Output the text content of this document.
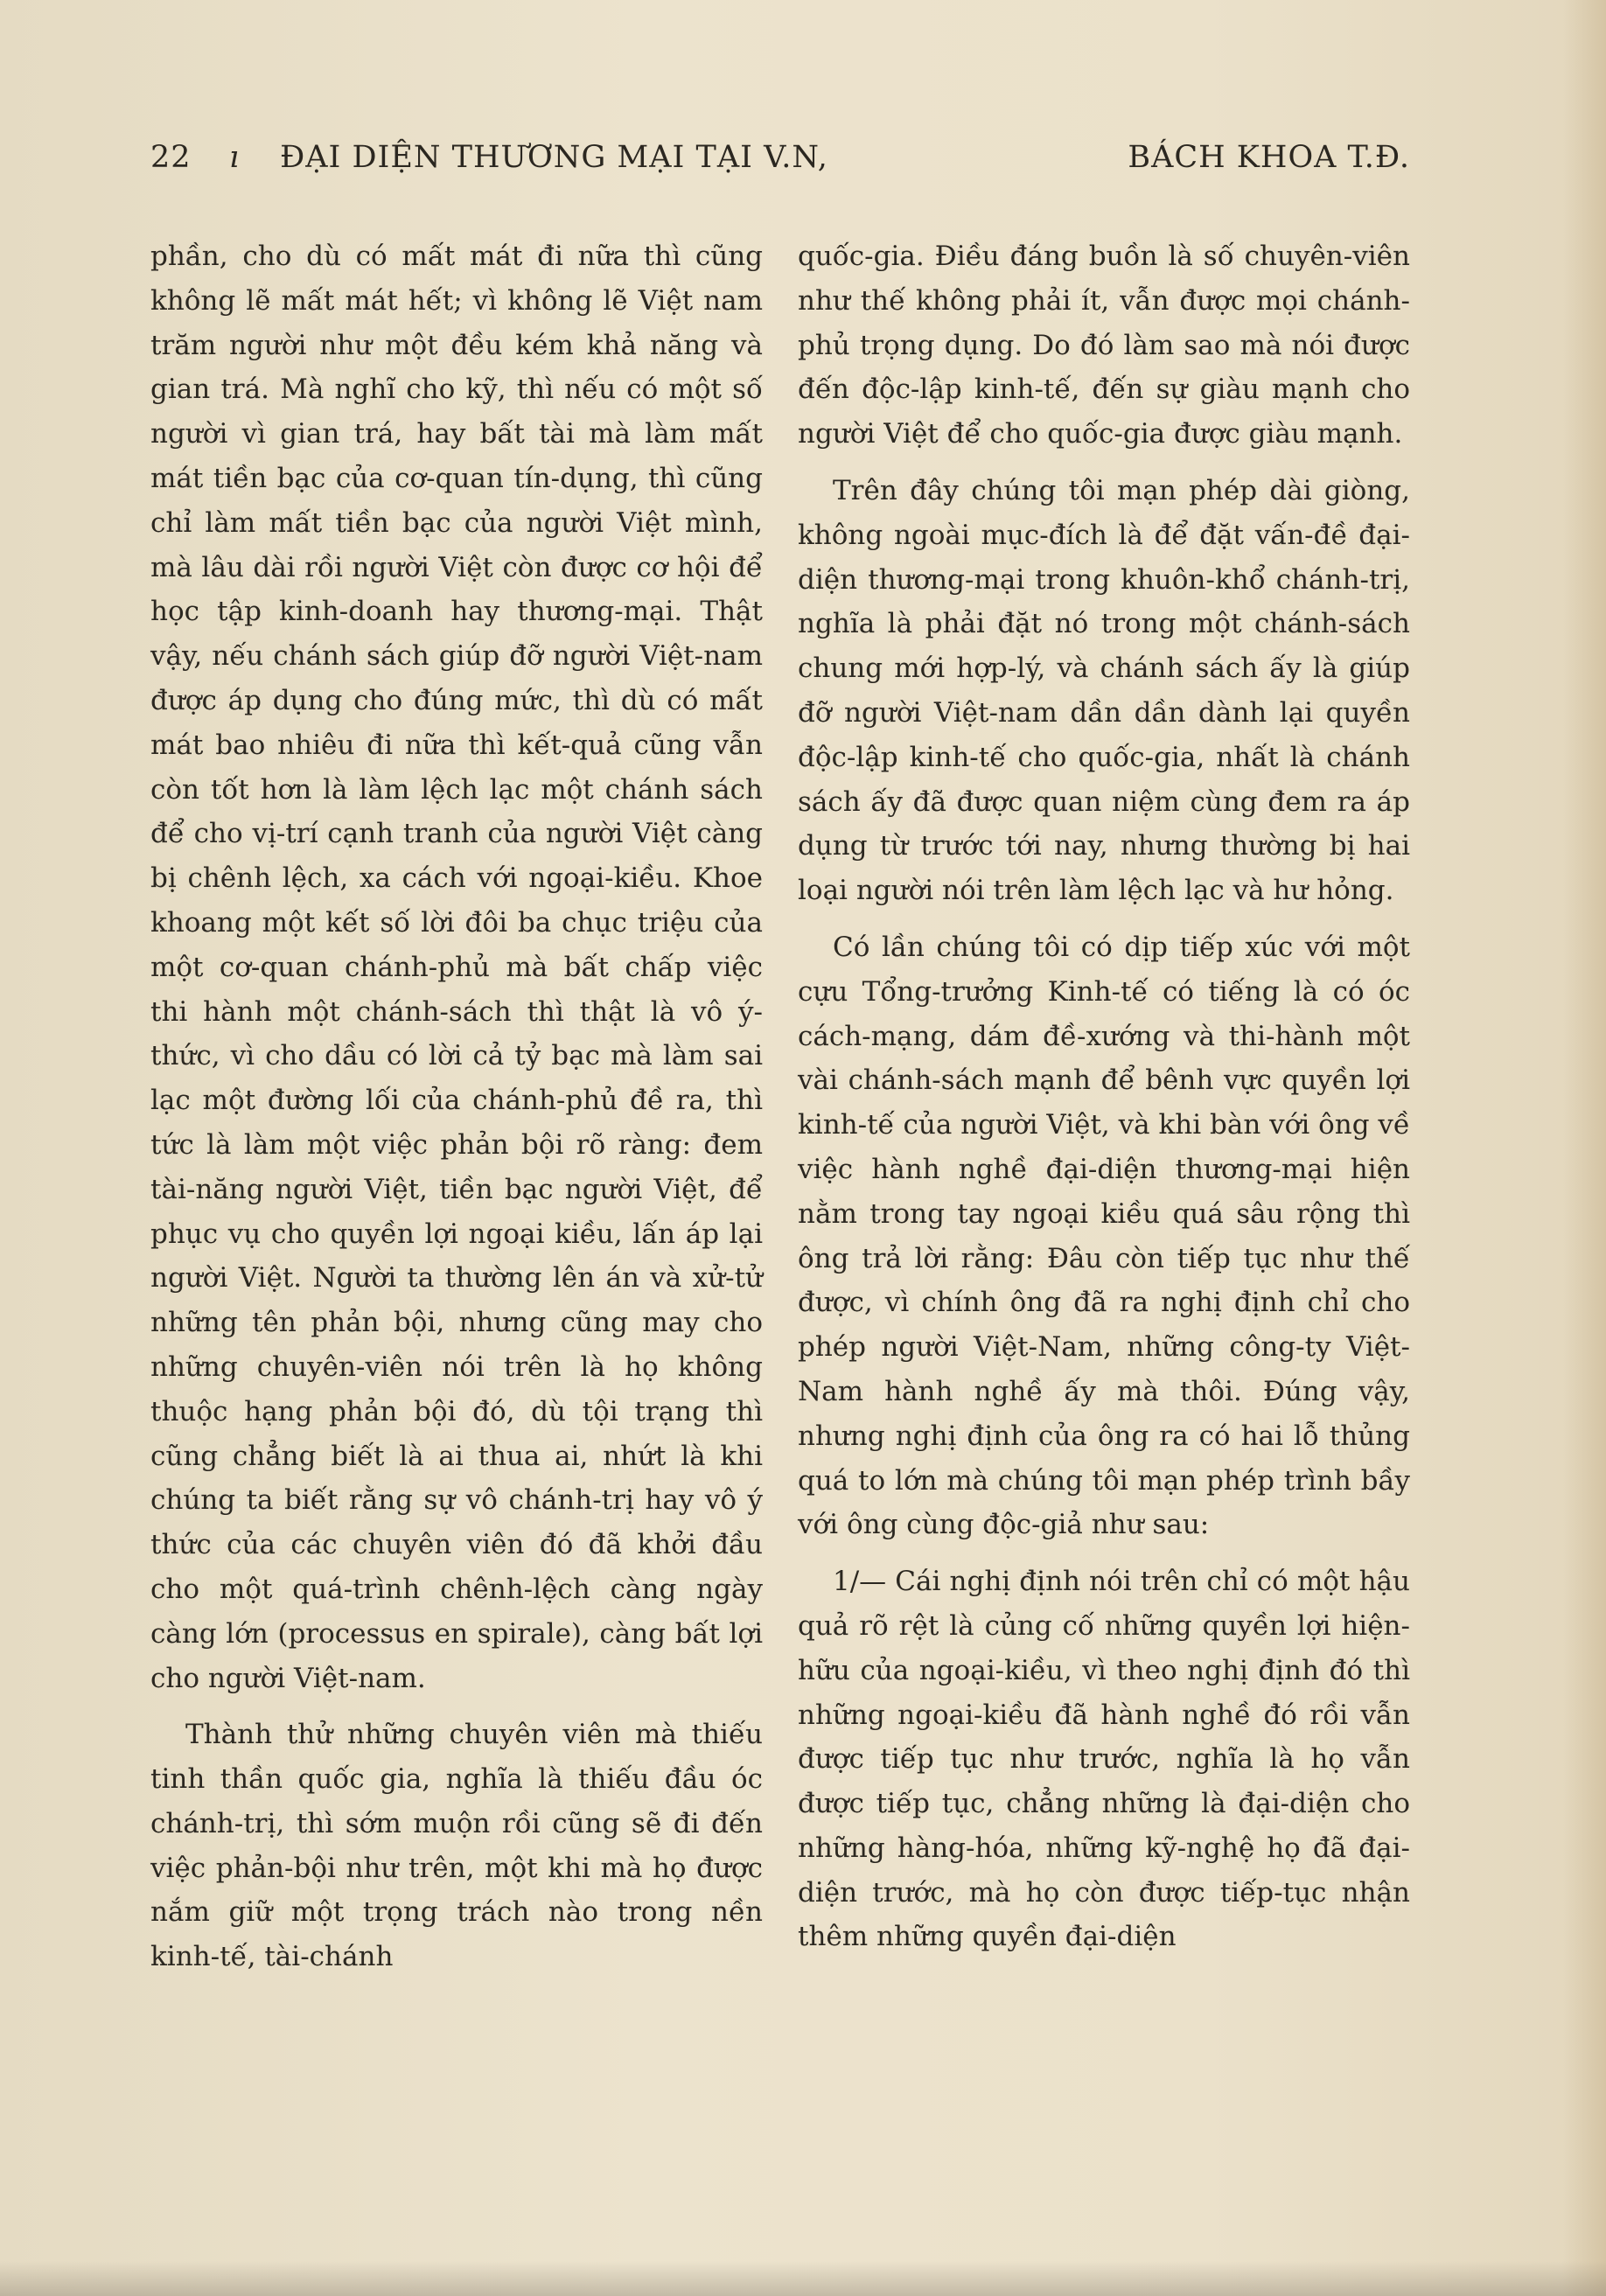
22 ı ĐẠI DIỆN THƯƠNG MẠI TẠI V.N,	BÁCH KHOA T.Đ.

phần, cho dù có mất mát đi nữa thì cũng không lẽ mất mát hết; vì không lẽ Việt nam trăm người như một đều kém khả năng và gian trá. Mà nghĩ cho kỹ, thì nếu có một số người vì gian trá, hay bất tài mà làm mất mát tiền bạc của cơ-quan tín-dụng, thì cũng chỉ làm mất tiền bạc của người Việt mình, mà lâu dài rồi người Việt còn được cơ hội để học tập kinh-doanh hay thương-mại. Thật vậy, nếu chánh sách giúp đỡ người Việt-nam được áp dụng cho đúng mức, thì dù có mất mát bao nhiêu đi nữa thì kết-quả cũng vẫn còn tốt hơn là làm lệch lạc một chánh sách để cho vị-trí cạnh tranh của người Việt càng bị chênh lệch, xa cách với ngoại-kiều. Khoe khoang một kết số lời đôi ba chục triệu của một cơ-quan chánh-phủ mà bất chấp việc thi hành một chánh-sách thì thật là vô ý-thức, vì cho dầu có lời cả tỷ bạc mà làm sai lạc một đường lối của chánh-phủ đề ra, thì tức là làm một việc phản bội rõ ràng: đem tài-năng người Việt, tiền bạc người Việt, để phục vụ cho quyền lợi ngoại kiều, lấn áp lại người Việt. Người ta thường lên án và xử-tử những tên phản bội, nhưng cũng may cho những chuyên-viên nói trên là họ không thuộc hạng phản bội đó, dù tội trạng thì cũng chẳng biết là ai thua ai, nhứt là khi chúng ta biết rằng sự vô chánh-trị hay vô ý thức của các chuyên viên đó đã khởi đầu cho một quá-trình chênh-lệch càng ngày càng lớn (processus en spirale), càng bất lợi cho người Việt-nam.

Thành thử những chuyên viên mà thiếu tinh thần quốc gia, nghĩa là thiếu đầu óc chánh-trị, thì sớm muộn rồi cũng sẽ đi đến việc phản-bội như trên, một khi mà họ được nắm giữ một trọng trách nào trong nền kinh-tế, tài-chánh

quốc-gia. Điều đáng buồn là số chuyên-viên như thế không phải ít, vẫn được mọi chánh-phủ trọng dụng. Do đó làm sao mà nói được đến độc-lập kinh-tế, đến sự giàu mạnh cho người Việt để cho quốc-gia được giàu mạnh.

Trên đây chúng tôi mạn phép dài giòng, không ngoài mục-đích là để đặt vấn-đề đại-diện thương-mại trong khuôn-khổ chánh-trị, nghĩa là phải đặt nó trong một chánh-sách chung mới hợp-lý, và chánh sách ấy là giúp đỡ người Việt-nam dần dần dành lại quyền độc-lập kinh-tế cho quốc-gia, nhất là chánh sách ấy đã được quan niệm cùng đem ra áp dụng từ trước tới nay, nhưng thường bị hai loại người nói trên làm lệch lạc và hư hỏng.

Có lần chúng tôi có dịp tiếp xúc với một cựu Tổng-trưởng Kinh-tế có tiếng là có óc cách-mạng, dám đề-xướng và thi-hành một vài chánh-sách mạnh để bênh vực quyền lợi kinh-tế của người Việt, và khi bàn với ông về việc hành nghề đại-diện thương-mại hiện nằm trong tay ngoại kiều quá sâu rộng thì ông trả lời rằng: Đâu còn tiếp tục như thế được, vì chính ông đã ra nghị định chỉ cho phép người Việt-Nam, những công-ty Việt-Nam hành nghề ấy mà thôi. Đúng vậy, nhưng nghị định của ông ra có hai lỗ thủng quá to lớn mà chúng tôi mạn phép trình bầy với ông cùng độc-giả như sau:

1/— Cái nghị định nói trên chỉ có một hậu quả rõ rệt là củng cố những quyền lợi hiện-hữu của ngoại-kiều, vì theo nghị định đó thì những ngoại-kiều đã hành nghề đó rồi vẫn được tiếp tục như trước, nghĩa là họ vẫn được tiếp tục, chẳng những là đại-diện cho những hàng-hóa, những kỹ-nghệ họ đã đại-diện trước, mà họ còn được tiếp-tục nhận thêm những quyền đại-diện
